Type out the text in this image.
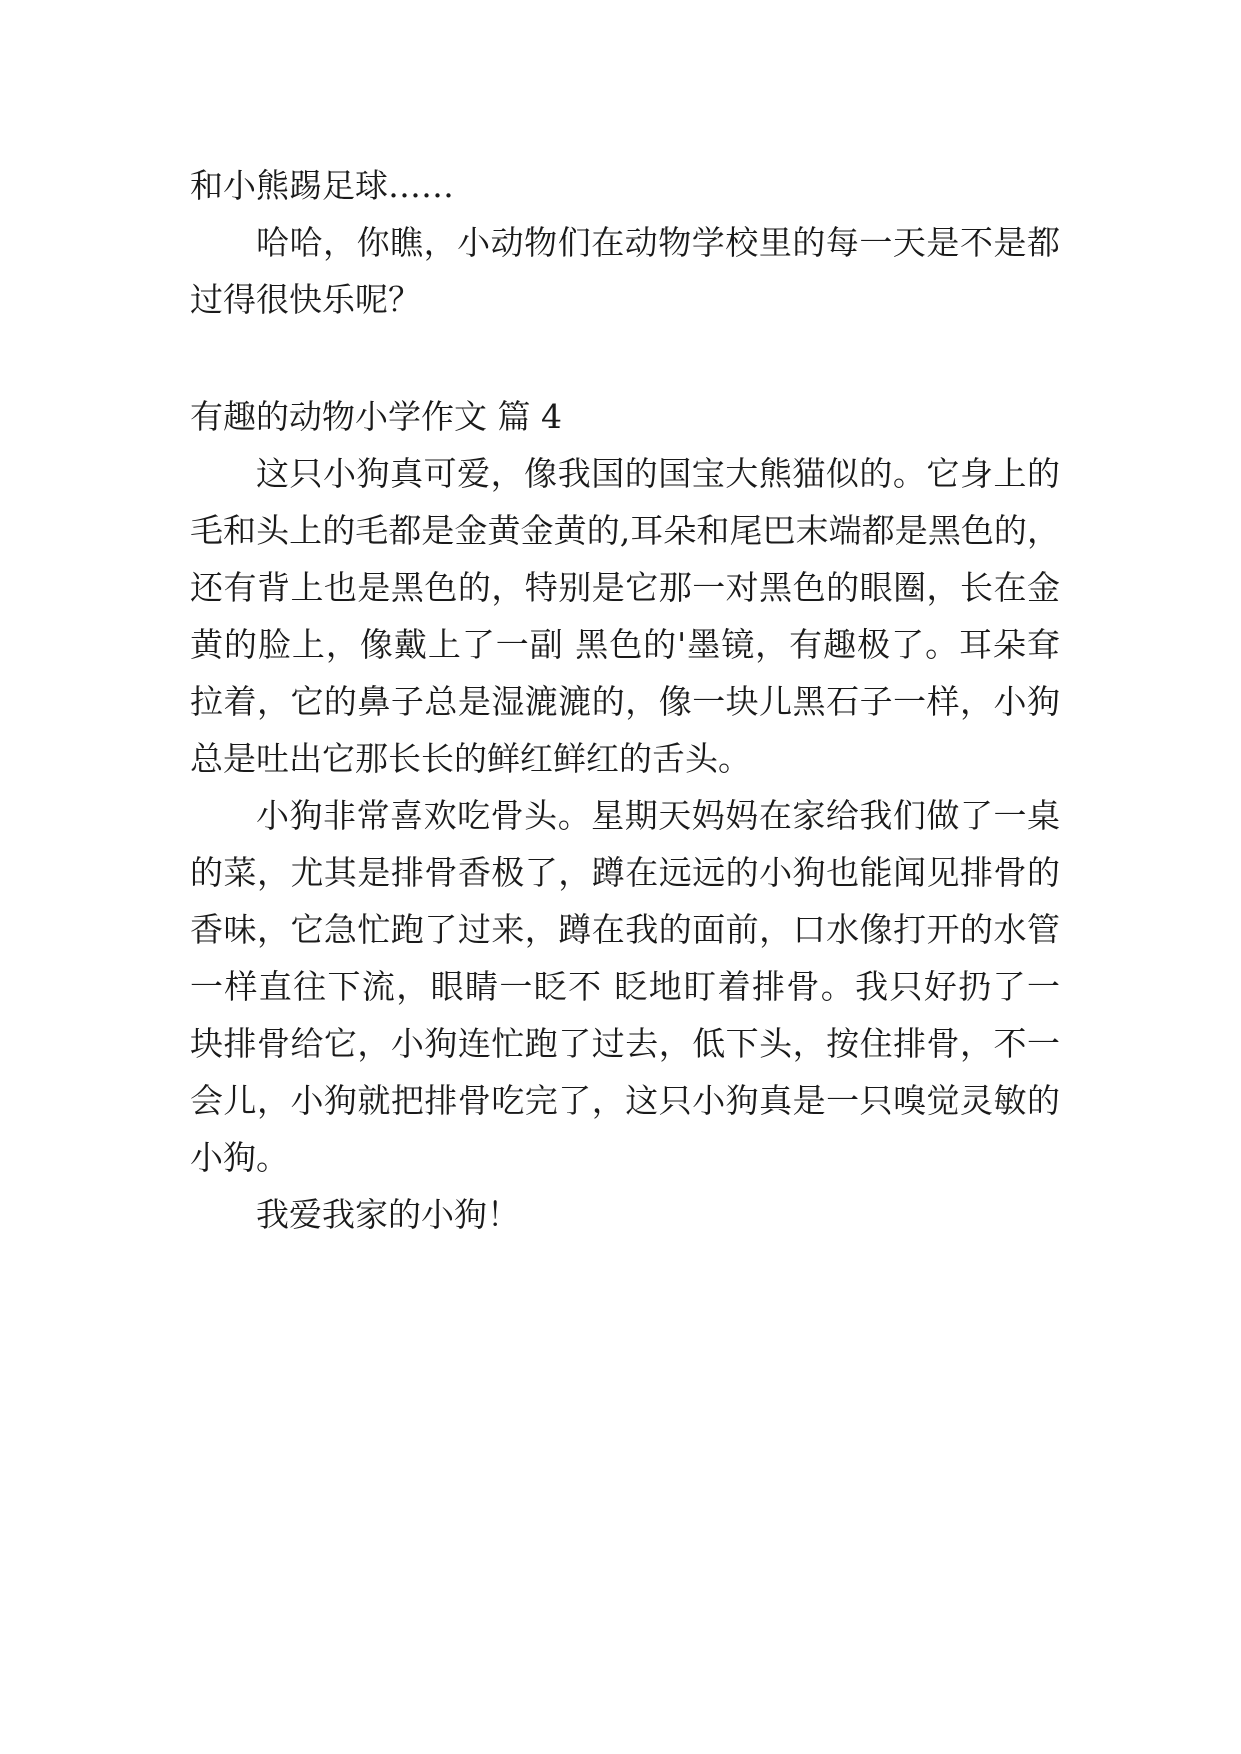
和小熊踢足球……
哈哈，你瞧，小动物们在动物学校里的每一天是不是都
过得很快乐呢？
有趣的动物小学作文 篇 4
这只小狗真可爱，像我国的国宝大熊猫似的。它身上的
毛和头上的毛都是金黄金黄的,耳朵和尾巴末端都是黑色的，
还有背上也是黑色的，特别是它那一对黑色的眼圈，长在金
黄的脸上，像戴上了一副 黑色的'墨镜，有趣极了。耳朵耷
拉着，它的鼻子总是湿漉漉的，像一块儿黑石子一样，小狗
总是吐出它那长长的鲜红鲜红的舌头。
小狗非常喜欢吃骨头。星期天妈妈在家给我们做了一桌
的菜，尤其是排骨香极了，蹲在远远的小狗也能闻见排骨的
香味，它急忙跑了过来，蹲在我的面前，口水像打开的水管
一样直往下流，眼睛一眨不 眨地盯着排骨。我只好扔了一
块排骨给它，小狗连忙跑了过去，低下头，按住排骨，不一
会儿，小狗就把排骨吃完了，这只小狗真是一只嗅觉灵敏的
小狗。
我爱我家的小狗！
